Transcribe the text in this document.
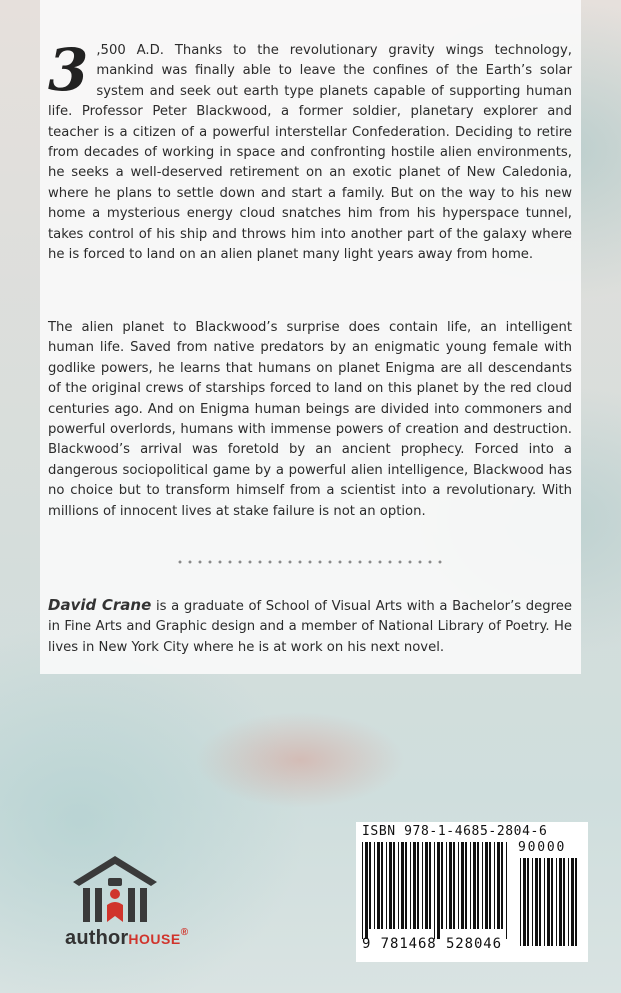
3 ,500 A.D. Thanks to the revolutionary gravity wings technology, mankind was finally able to leave the confines of the Earth’s solar system and seek out earth type planets capable of supporting human life. Professor Peter Blackwood, a former soldier, planetary explorer and teacher is a citizen of a powerful interstellar Confederation. Deciding to retire from decades of working in space and confronting hostile alien environments, he seeks a well-deserved retirement on an exotic planet of New Caledonia, where he plans to settle down and start a family. But on the way to his new home a mysterious energy cloud snatches him from his hyperspace tunnel, takes control of his ship and throws him into another part of the galaxy where he is forced to land on an alien planet many light years away from home.
The alien planet to Blackwood’s surprise does contain life, an intelligent human life. Saved from native predators by an enigmatic young female with godlike powers, he learns that humans on planet Enigma are all descendants of the original crews of starships forced to land on this planet by the red cloud centuries ago. And on Enigma human beings are divided into commoners and powerful overlords, humans with immense powers of creation and destruction. Blackwood’s arrival was foretold by an ancient prophecy. Forced into a dangerous sociopolitical game by a powerful alien intelligence, Blackwood has no choice but to transform himself from a scientist into a revolutionary. With millions of innocent lives at stake failure is not an option.
David Crane is a graduate of School of Visual Arts with a Bachelor’s degree in Fine Arts and Graphic design and a member of National Library of Poetry. He lives in New York City where he is at work on his next novel.
authorHOUSE®
ISBN 978-1-4685-2804-6
90000
9 781468 528046
